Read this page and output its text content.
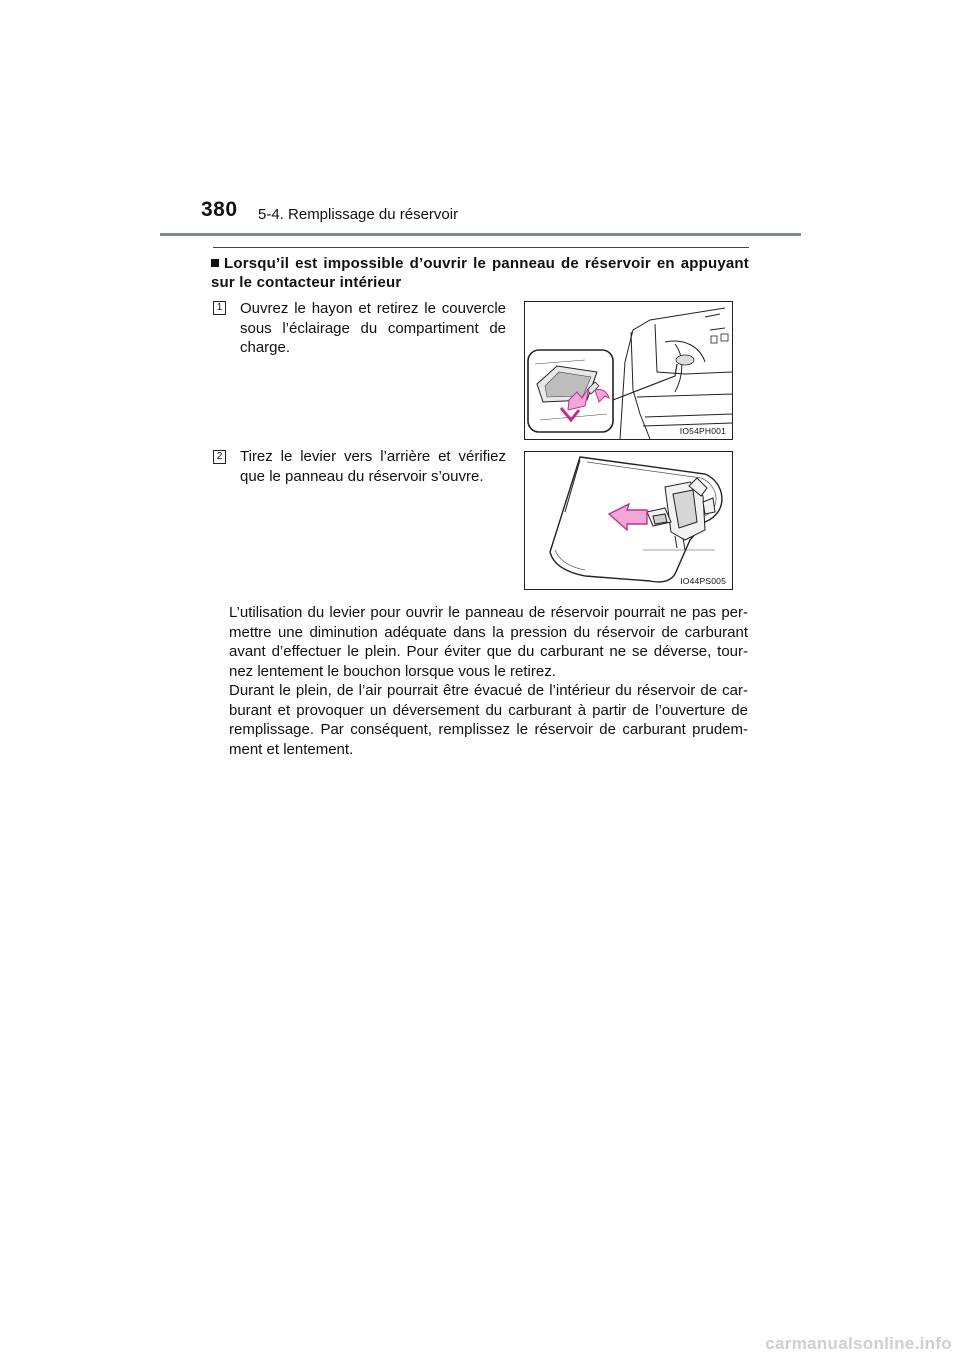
380 5-4. Remplissage du réservoir
Lorsqu’il est impossible d’ouvrir le panneau de réservoir en appuyant sur le contacteur intérieur
1 Ouvrez le hayon et retirez le couvercle sous l’éclairage du compartiment de charge.
IO54PH001
2 Tirez le levier vers l’arrière et vérifiez que le panneau du réservoir s’ouvre.
IO44PS005
L’utilisation du levier pour ouvrir le panneau de réservoir pourrait ne pas per-mettre une diminution adéquate dans la pression du réservoir de carburant avant d’effectuer le plein. Pour éviter que du carburant ne se déverse, tour-nez lentement le bouchon lorsque vous le retirez.
Durant le plein, de l’air pourrait être évacué de l’intérieur du réservoir de car-burant et provoquer un déversement du carburant à partir de l’ouverture de remplissage. Par conséquent, remplissez le réservoir de carburant prudem-ment et lentement.
carmanualsonline.info
